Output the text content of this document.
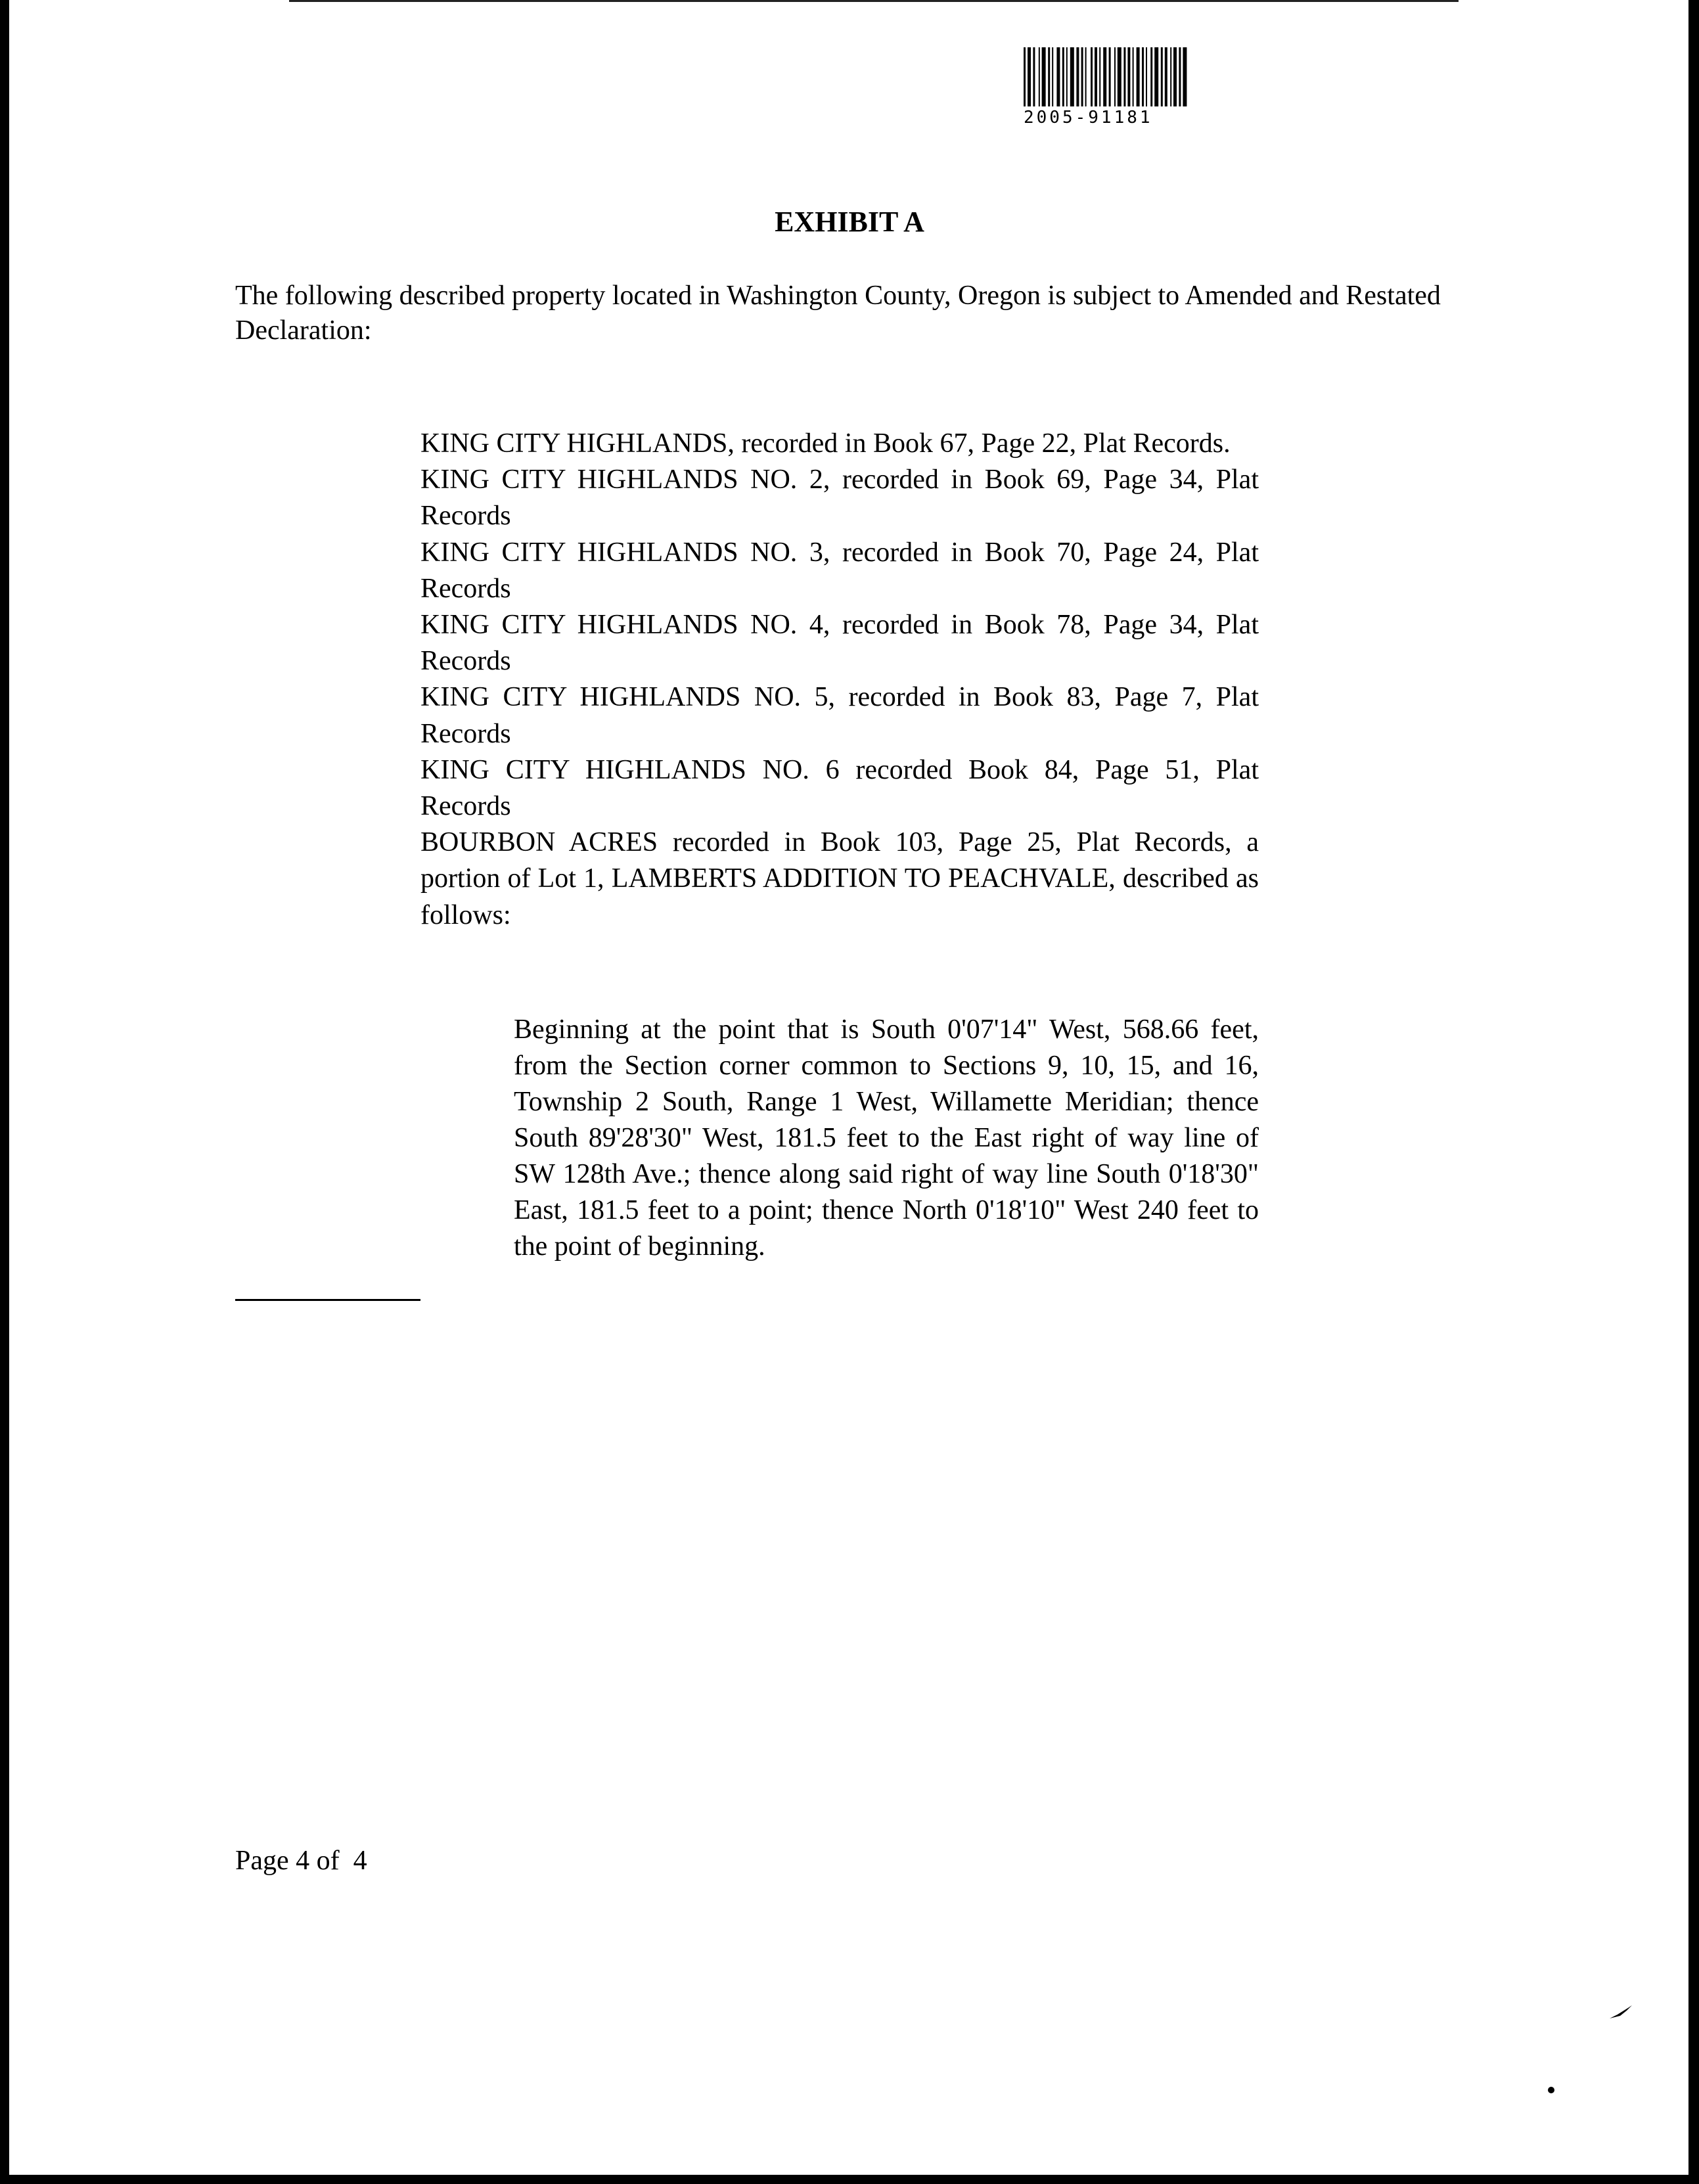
2005-91181
EXHIBIT A

The following described property located in Washington County, Oregon is subject to Amended and Restated Declaration:

KING CITY HIGHLANDS, recorded in Book 67, Page 22, Plat Records.

KING CITY HIGHLANDS NO. 2, recorded in Book 69, Page 34, Plat Records

KING CITY HIGHLANDS NO. 3, recorded in Book 70, Page 24, Plat Records

KING CITY HIGHLANDS NO. 4, recorded in Book 78, Page 34, Plat Records

KING CITY HIGHLANDS NO. 5, recorded in Book 83, Page 7, Plat Records

KING CITY HIGHLANDS NO. 6 recorded Book 84, Page 51, Plat Records

BOURBON ACRES recorded in Book 103, Page 25, Plat Records, a portion of Lot 1, LAMBERTS ADDITION TO PEACHVALE, described as follows:

Beginning at the point that is South 0'07'14" West, 568.66 feet, from the Section corner common to Sections 9, 10, 15, and 16, Township 2 South, Range 1 West, Willamette Meridian; thence South 89'28'30" West, 181.5 feet to the East right of way line of SW 128th Ave.; thence along said right of way line South 0'18'30" East, 181.5 feet to a point; thence North 0'18'10" West 240 feet to the point of beginning.

Page 4 of  4
